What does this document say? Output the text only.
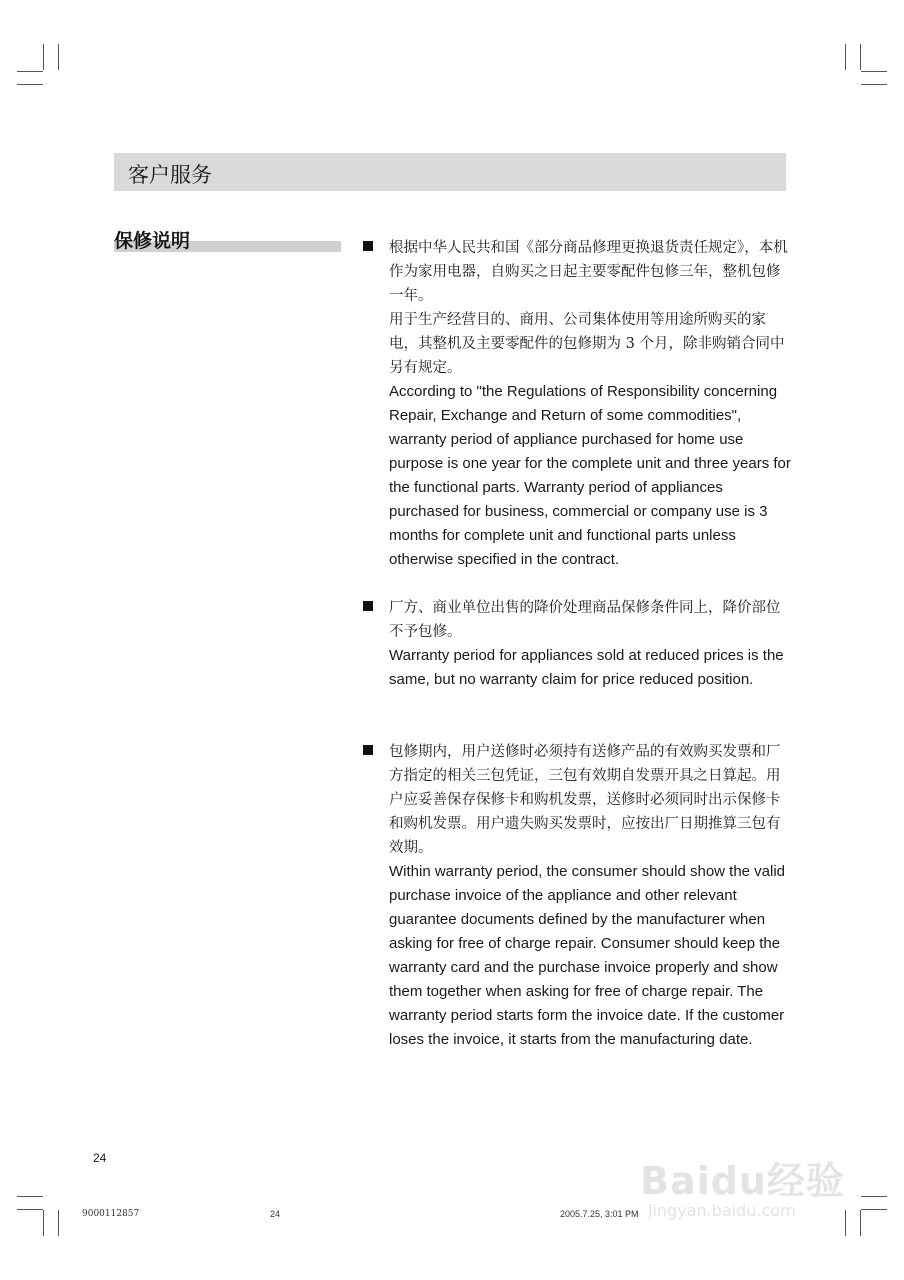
客户服务
保修说明	根据中华人民共和国《部分商品修理更换退货责任规定》，本机作为家用电器，自购买之日起主要零配件包修三年，整机包修一年。
用于生产经营目的、商用、公司集体使用等用途所购买的家电，其整机及主要零配件的包修期为 3 个月，除非购销合同中另有规定。
According to "the Regulations of Responsibility concerning Repair, Exchange and Return of some commodities", warranty period of appliance purchased for home use purpose is one year for the complete unit and three years for the functional parts. Warranty period of appliances purchased for business, commercial or company use is 3 months for complete unit and functional parts unless otherwise specified in the contract.
厂方、商业单位出售的降价处理商品保修条件同上，降价部位不予包修。
Warranty period for appliances sold at reduced prices is the same, but no warranty claim for price reduced position.
包修期内，用户送修时必须持有送修产品的有效购买发票和厂方指定的相关三包凭证，三包有效期自发票开具之日算起。用户应妥善保存保修卡和购机发票，送修时必须同时出示保修卡和购机发票。用户遗失购买发票时，应按出厂日期推算三包有效期。
Within warranty period, the consumer should show the valid purchase invoice of the appliance and other relevant guarantee documents defined by the manufacturer when asking for free of charge repair. Consumer should keep the warranty card and the purchase invoice properly and show them together when asking for free of charge repair. The warranty period starts form the invoice date. If the customer loses the invoice, it starts from the manufacturing date.
24
9000112857	24	2005.7.25, 3:01 PM
Baidu经验
jingyan.baidu.com
